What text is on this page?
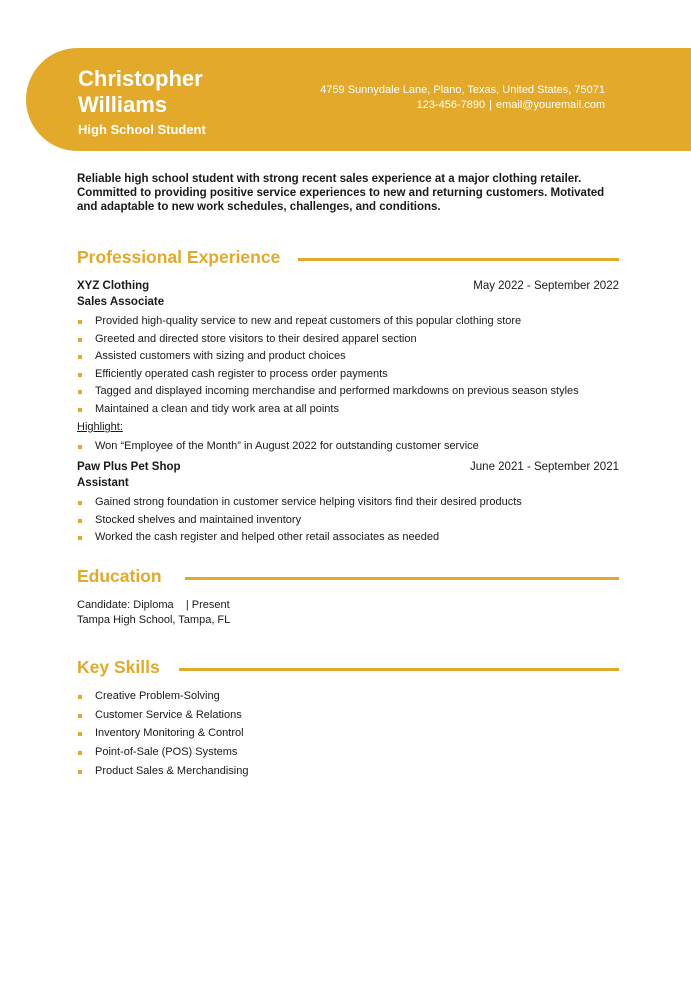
Christopher
Williams
High School Student
4759 Sunnydale Lane, Plano, Texas, United States, 75071
123-456-7890 | email@youremail.com
Reliable high school student with strong recent sales experience at a major clothing retailer. Committed to providing positive service experiences to new and returning customers. Motivated and adaptable to new work schedules, challenges, and conditions.
Professional Experience
XYZ Clothing	May 2022 - September 2022
Sales Associate
Provided high-quality service to new and repeat customers of this popular clothing store
Greeted and directed store visitors to their desired apparel section
Assisted customers with sizing and product choices
Efficiently operated cash register to process order payments
Tagged and displayed incoming merchandise and performed markdowns on previous season styles
Maintained a clean and tidy work area at all points
Highlight:
Won “Employee of the Month” in August 2022 for outstanding customer service
Paw Plus Pet Shop	June 2021 - September 2021
Assistant
Gained strong foundation in customer service helping visitors find their desired products
Stocked shelves and maintained inventory
Worked the cash register and helped other retail associates as needed
Education
Candidate: Diploma    | Present
Tampa High School, Tampa, FL
Key Skills
Creative Problem-Solving
Customer Service & Relations
Inventory Monitoring & Control
Point-of-Sale (POS) Systems
Product Sales & Merchandising
